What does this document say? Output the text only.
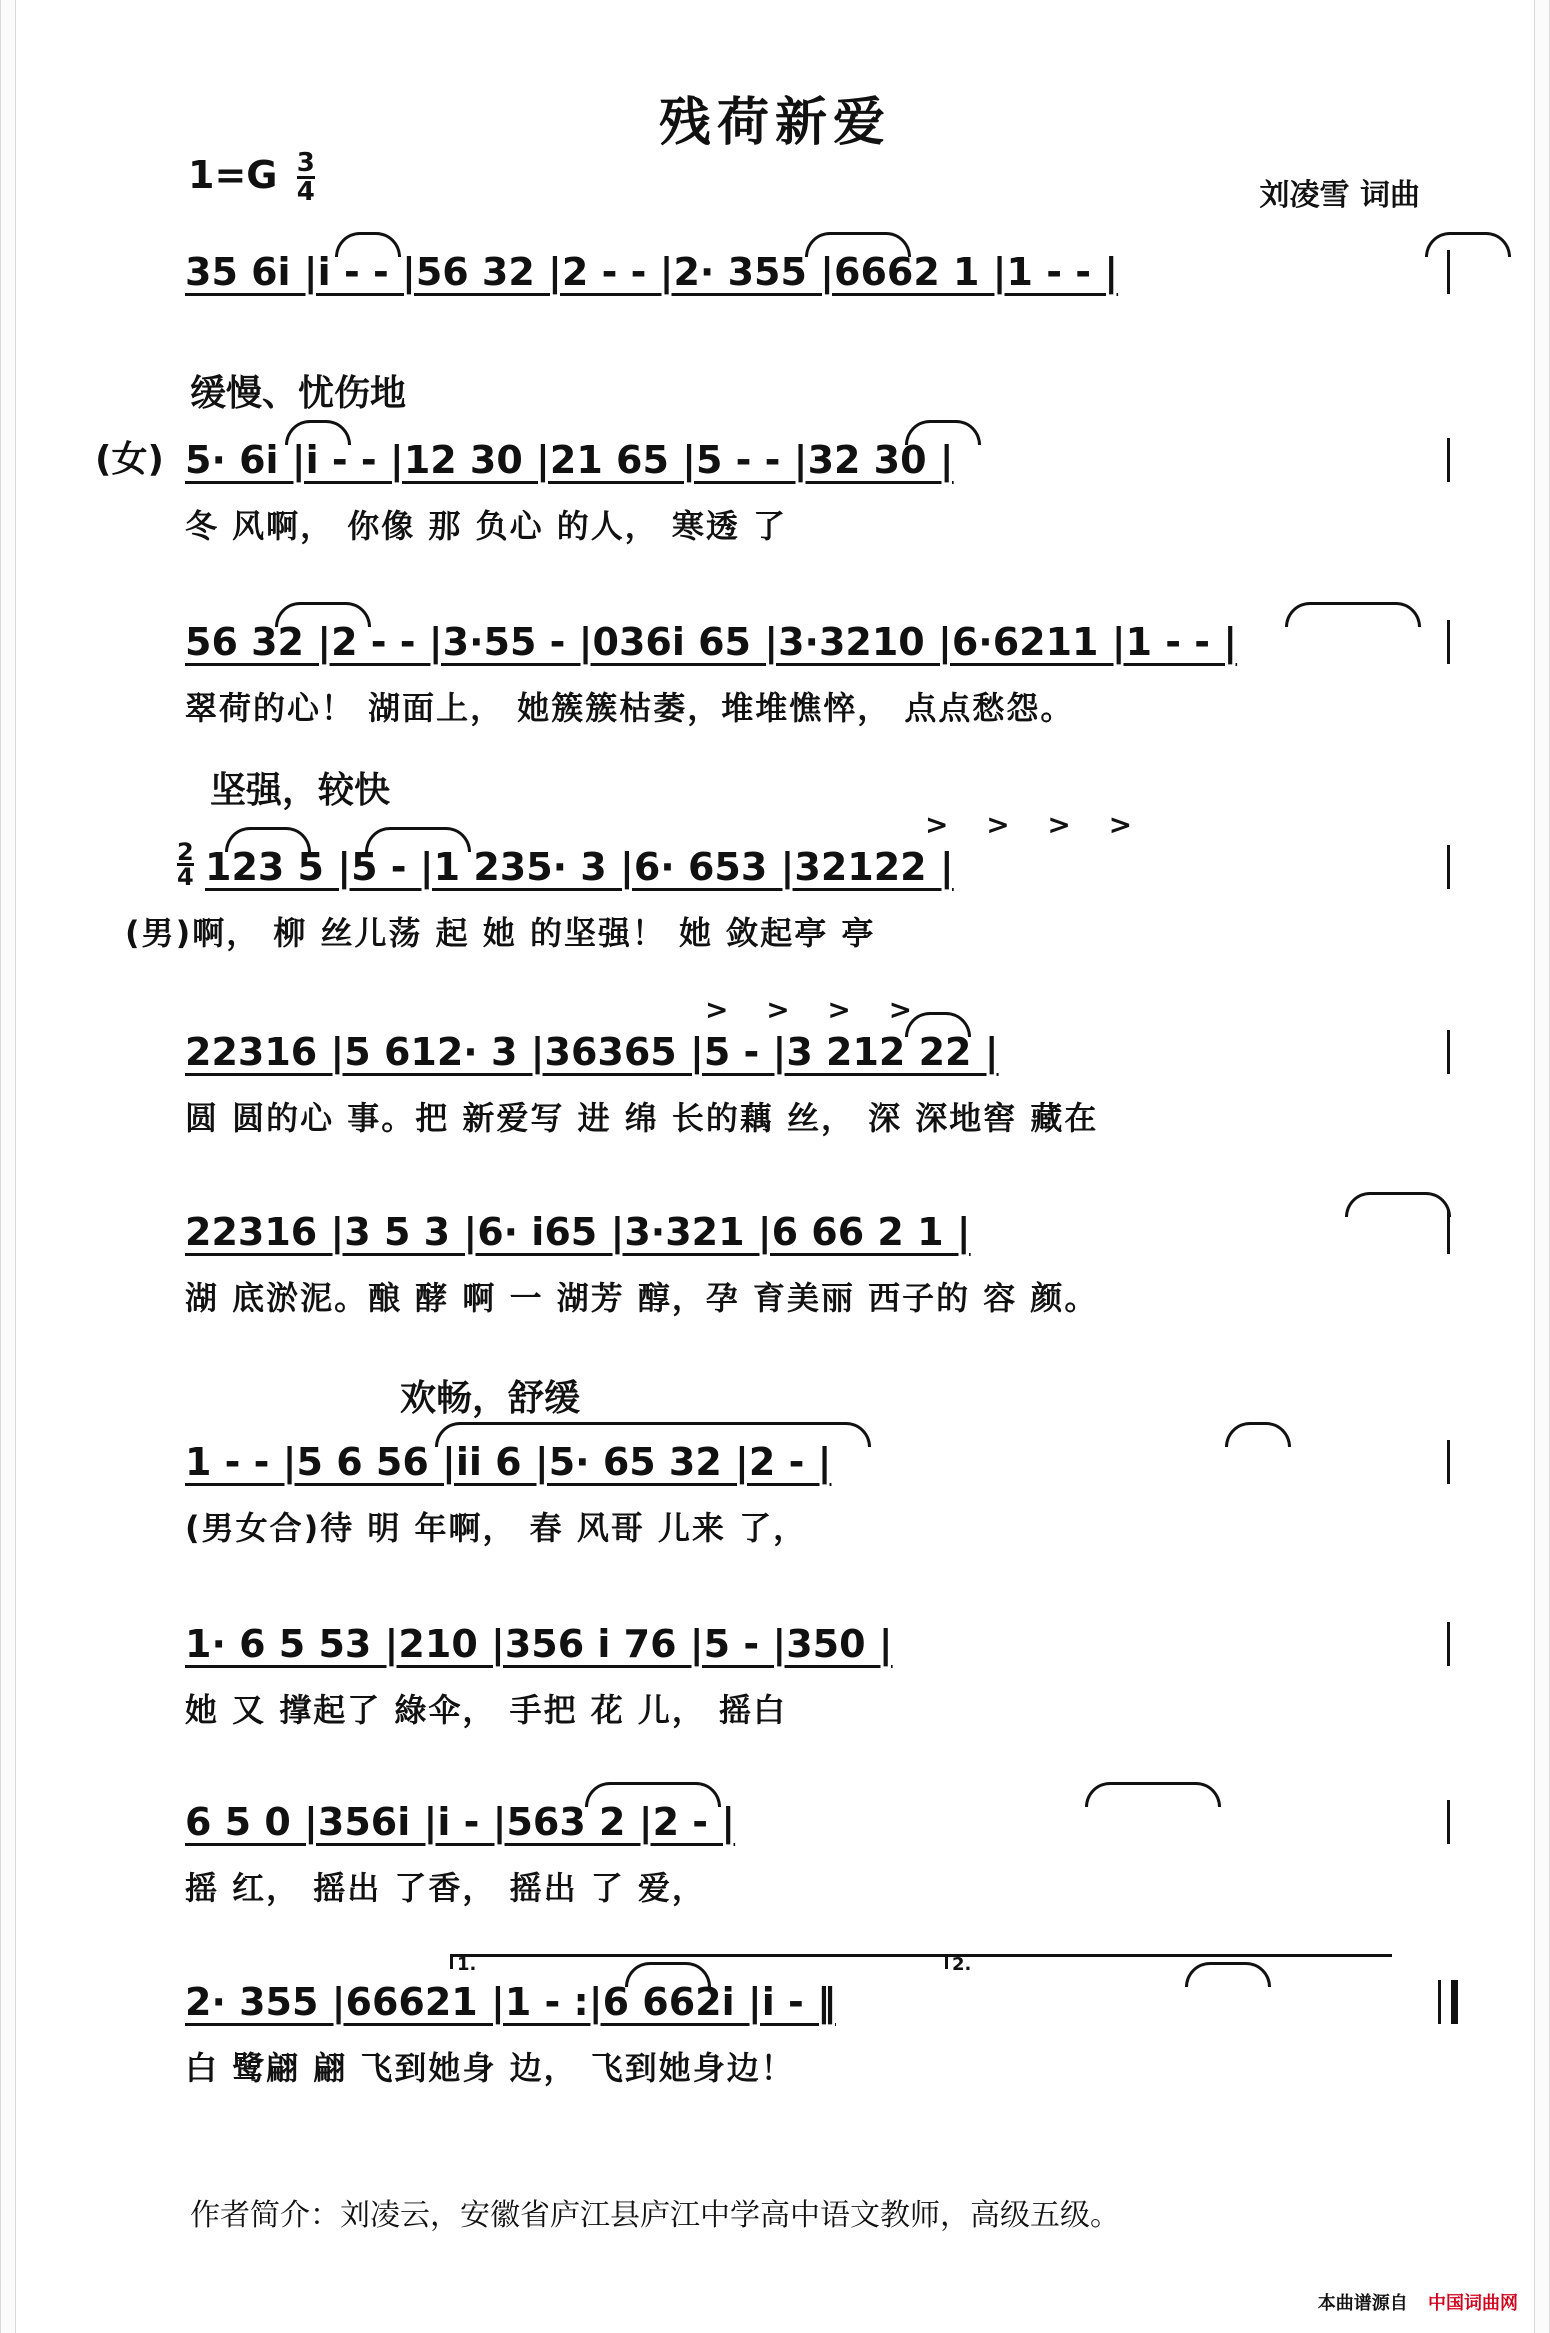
残荷新爱
$1=G \frac{3}{4}$	刘凌雪 词曲
35 6i |i - - |56 32 |2 - - |2· 355 |6662 1 |1 - - |
缓慢、忧伤地
(女) 5· 6i |i - - |12 30 |21 65 |5 - - |32 30 |
冬 风啊， 你像 那 负心 的人， 寒透 了
56 32 |2 - - |3·55 - |036i 65 |3·3210 |6·6211 |1 - - |
翠荷的心！ 湖面上， 她簇簇枯萎，堆堆憔悴， 点点愁怨。
坚强，较快
2
4
> > > >
123 5 |5 - |1 235· 3 |6· 653 |32122 |
(男)啊， 柳 丝儿荡 起 她 的坚强！ 她 敛起亭 亭
> > > >
22316 |5 612· 3 |36365 |5 - |3 212 22 |
圆 圆的心 事。把 新爱写 进 绵 长的藕 丝， 深 深地窖 藏在
22316 |3 5 3 |6· i65 |3·321 |6 66 2 1 |
湖 底淤泥。酿 酵 啊 一 湖芳 醇，孕 育美丽 西子的 容 颜。
欢畅，舒缓
1 - - |5 6 56 |ii 6 |5· 65 32 |2 - |
(男女合)待 明 年啊， 春 风哥 儿来 了，
1· 6 5 53 |210 |356 i 76 |5 - |350 |
她 又 撑起了 綠伞， 手把 花 儿， 摇白
6 5 0 |356i |i - |563 2 |2 - |
摇 红， 摇出 了香， 摇出 了 爱，
1.	2.
2· 355 |66621 |1 - :|6 662i |i - ‖
白 鹭翩 翩 飞到她身 边， 飞到她身边！
作者简介：刘凌云，安徽省庐江县庐江中学高中语文教师，高级五级。
本曲谱源自 中国词曲网
